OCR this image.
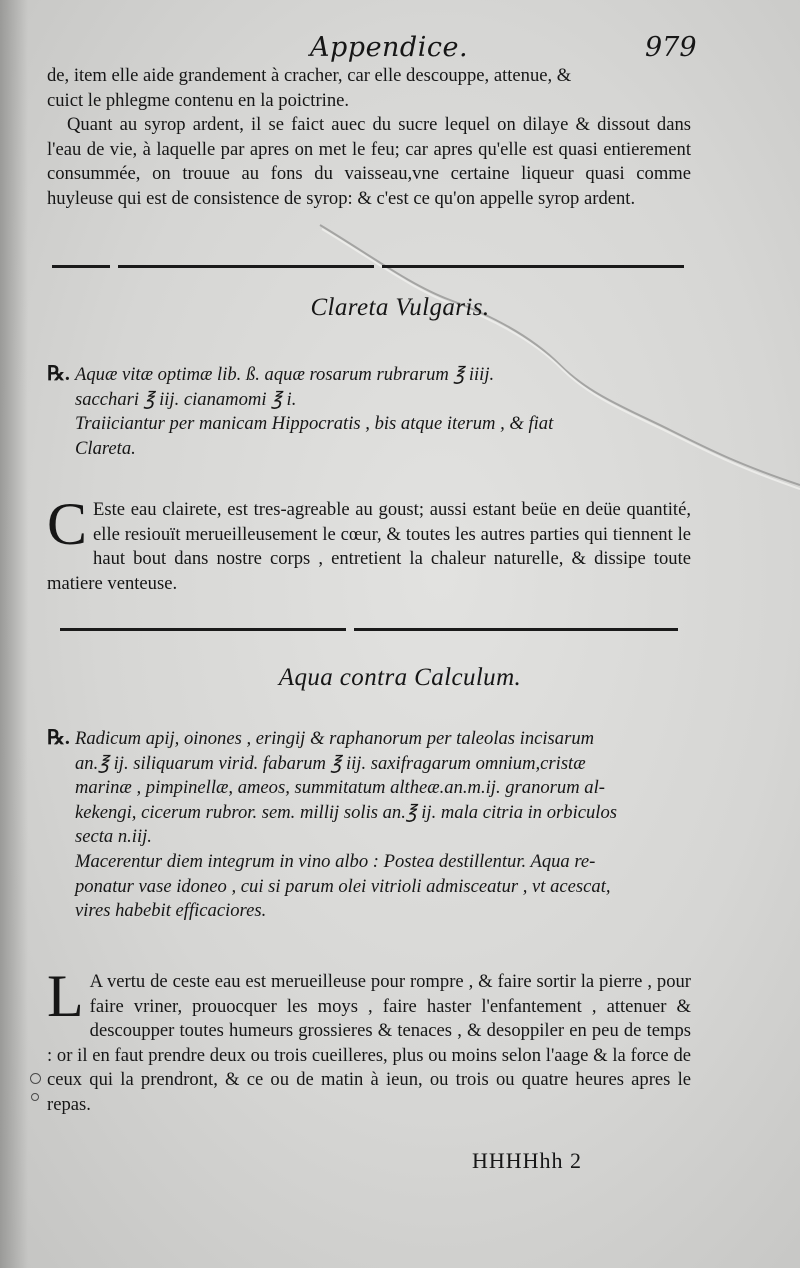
Appendice.	979

de, item elle aide grandement à cracher, car elle descouppe, attenue, &

cuict le phlegme contenu en la poictrine.

Quant au syrop ardent, il se faict auec du sucre lequel on dilaye & dissout dans l'eau de vie, à laquelle par apres on met le feu; car apres qu'elle est quasi entierement consummée, on trouue au fons du vaisseau,vne certaine liqueur quasi comme huyleuse qui est de consistence de syrop: & c'est ce qu'on appelle syrop ardent.

Clareta Vulgaris.

℞. Aquæ vitæ optimæ lib. ß. aquæ rosarum rubrarum ℥ iiij.
sacchari ℥ iij. cianamomi ℥ i.
Traiiciantur per manicam Hippocratis , bis atque iterum , & fiat
Clareta.

C Este eau clairete, est tres-agreable au goust; aussi estant beüe en deüe quantité, elle resiouït merueilleusement le cœur, & toutes les autres parties qui tiennent le haut bout dans nostre corps , entretient la chaleur naturelle, & dissipe toute matiere venteuse.

Aqua contra Calculum.

℞. Radicum apij, oinones , eringij & raphanorum per taleolas incisarum
an.℥ ij. siliquarum virid. fabarum ℥ iij. saxifragarum omnium,cristæ
marinæ , pimpinellæ, ameos, summitatum altheæ.an.m.ij. granorum al-
kekengi, cicerum rubror. sem. millij solis an.℥ ij. mala citria in orbiculos
secta n.iij.
Macerentur diem integrum in vino albo : Postea destillentur. Aqua re-
ponatur vase idoneo , cui si parum olei vitrioli admisceatur , vt acescat,
vires habebit efficaciores.

L A vertu de ceste eau est merueilleuse pour rompre , & faire sortir la pierre , pour faire vriner, prouocquer les moys , faire haster l'enfantement , attenuer & descoupper toutes humeurs grossieres & tenaces , & desoppiler en peu de temps : or il en faut prendre deux ou trois cueilleres, plus ou moins selon l'aage & la force de ceux qui la prendront, & ce ou de matin à ieun, ou trois ou quatre heures apres le repas.

HHHHhh 2
